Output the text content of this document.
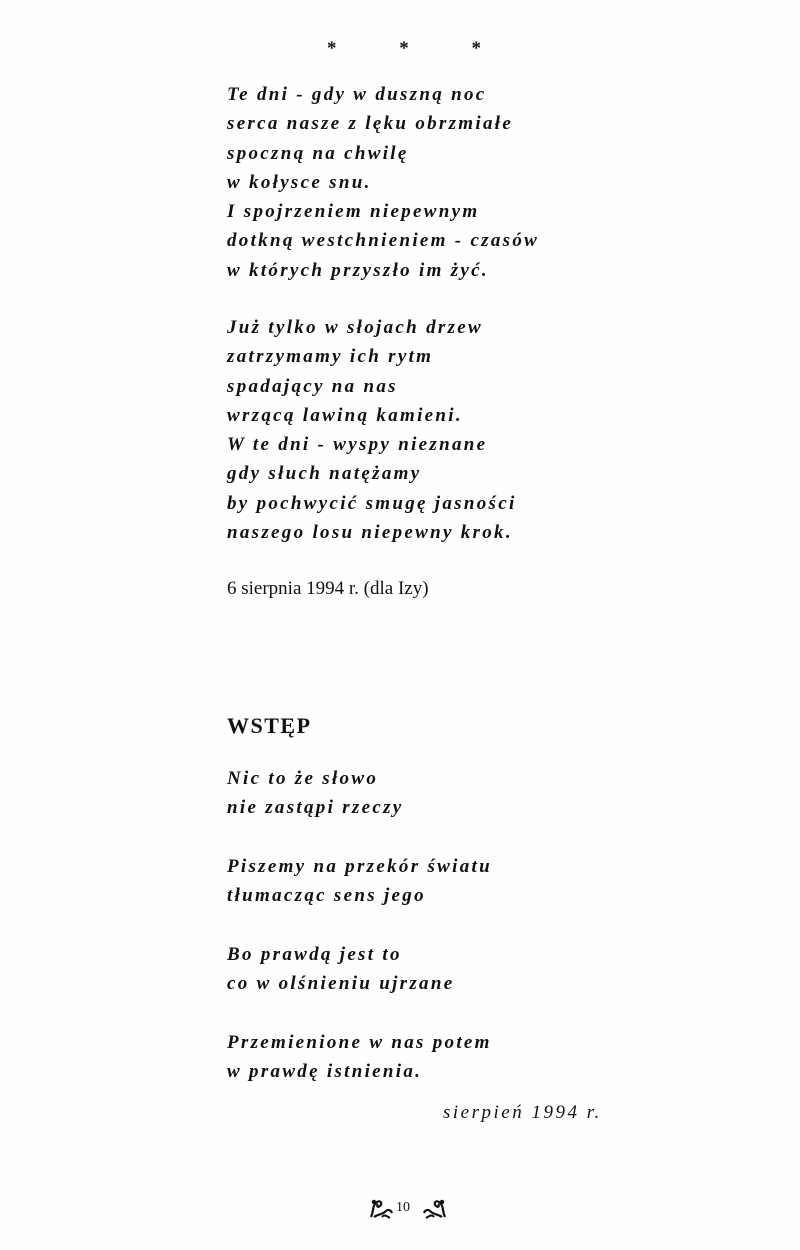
* * *
Te dni - gdy w duszną noc
serca nasze z lęku obrzmiałe
spoczną na chwilę
w kołysce snu.
I spojrzeniem niepewnym
dotkną westchnieniem - czasów
w których przyszło im żyć.
Już tylko w słojach drzew
zatrzymamy ich rytm
spadający na nas
wrzącą lawiną kamieni.
W te dni - wyspy nieznane
gdy słuch natężamy
by pochwycić smugę jasności
naszego losu niepewny krok.
6 sierpnia 1994 r. (dla Izy)
WSTĘP
Nic to że słowo
nie zastąpi rzeczy
Piszemy na przekór światu
tłumacząc sens jego
Bo prawdą jest to
co w olśnieniu ujrzane
Przemienione w nas potem
w prawdę istnienia.
sierpień 1994 r.
10
